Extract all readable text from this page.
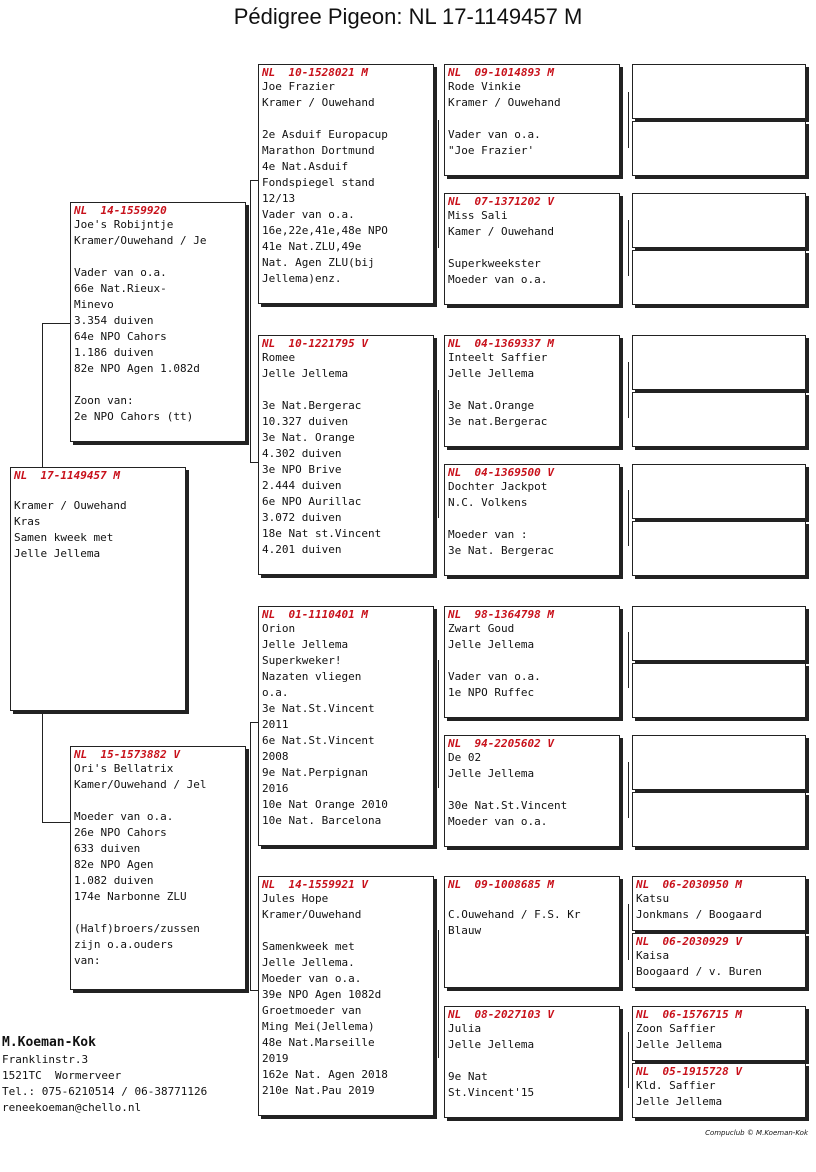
Pédigree Pigeon: NL 17-1149457 M
NL  17-1149457 M

Kramer / Ouwehand
Kras
Samen kweek met
Jelle Jellema
NL  14-1559920
Joe's Robijntje
Kramer/Ouwehand / Je

Vader van o.a.
66e Nat.Rieux-
Minevo
3.354 duiven
64e NPO Cahors
1.186 duiven
82e NPO Agen 1.082d

Zoon van:
2e NPO Cahors (tt)
NL  15-1573882 V
Ori's Bellatrix
Kamer/Ouwehand / Jel

Moeder van o.a.
26e NPO Cahors
633 duiven
82e NPO Agen
1.082 duiven
174e Narbonne ZLU

(Half)broers/zussen
zijn o.a.ouders
van:
NL  10-1528021 M
Joe Frazier
Kramer / Ouwehand

2e Asduif Europacup
Marathon Dortmund
4e Nat.Asduif
Fondspiegel stand
12/13
Vader van o.a.
16e,22e,41e,48e NPO
41e Nat.ZLU,49e
Nat. Agen ZLU(bij
Jellema)enz.
NL  10-1221795 V
Romee
Jelle Jellema

3e Nat.Bergerac
10.327 duiven
3e Nat. Orange
4.302 duiven
3e NPO Brive
2.444 duiven
6e NPO Aurillac
3.072 duiven
18e Nat st.Vincent
4.201 duiven
NL  01-1110401 M
Orion
Jelle Jellema
Superkweker!
Nazaten vliegen
o.a.
3e Nat.St.Vincent
2011
6e Nat.St.Vincent
2008
9e Nat.Perpignan
2016
10e Nat Orange 2010
10e Nat. Barcelona
NL  14-1559921 V
Jules Hope
Kramer/Ouwehand

Samenkweek met
Jelle Jellema.
Moeder van o.a.
39e NPO Agen 1082d
Groetmoeder van
Ming Mei(Jellema)
48e Nat.Marseille
2019
162e Nat. Agen 2018
210e Nat.Pau 2019
NL  09-1014893 M
Rode Vinkie
Kramer / Ouwehand

Vader van o.a.
"Joe Frazier'
NL  07-1371202 V
Miss Sali
Kamer / Ouwehand

Superkweekster
Moeder van o.a.
NL  04-1369337 M
Inteelt Saffier
Jelle Jellema

3e Nat.Orange
3e nat.Bergerac
NL  04-1369500 V
Dochter Jackpot
N.C. Volkens

Moeder van :
3e Nat. Bergerac
NL  98-1364798 M
Zwart Goud
Jelle Jellema

Vader van o.a.
1e NPO Ruffec
NL  94-2205602 V
De 02
Jelle Jellema

30e Nat.St.Vincent
Moeder van o.a.
NL  09-1008685 M

C.Ouwehand / F.S. Kr
Blauw
NL  08-2027103 V
Julia
Jelle Jellema

9e Nat
St.Vincent'15
NL  06-2030950 M
Katsu
Jonkmans / Boogaard
NL  06-2030929 V
Kaisa
Boogaard / v. Buren
NL  06-1576715 M
Zoon Saffier
Jelle Jellema
NL  05-1915728 V
Kld. Saffier
Jelle Jellema
M.Koeman-Kok
Franklinstr.3
1521TC  Wormerveer
Tel.: 075-6210514 / 06-38771126
reneekoeman@chello.nl
Compuclub © M.Koeman-Kok
